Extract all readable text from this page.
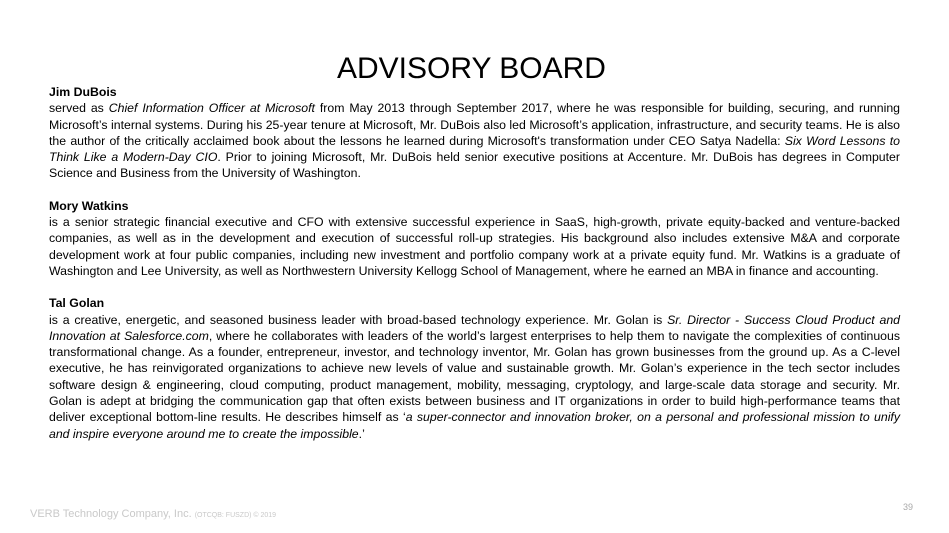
ADVISORY BOARD
Jim DuBois
served as Chief Information Officer at Microsoft from May 2013 through September 2017, where he was responsible for building, securing, and running Microsoft’s internal systems. During his 25-year tenure at Microsoft, Mr. DuBois also led Microsoft’s application, infrastructure, and security teams. He is also the author of the critically acclaimed book about the lessons he learned during Microsoft's transformation under CEO Satya Nadella: Six Word Lessons to Think Like a Modern-Day CIO. Prior to joining Microsoft, Mr. DuBois held senior executive positions at Accenture. Mr. DuBois has degrees in Computer Science and Business from the University of Washington.
Mory Watkins
is a senior strategic financial executive and CFO with extensive successful experience in SaaS, high-growth, private equity-backed and venture-backed companies, as well as in the development and execution of successful roll-up strategies. His background also includes extensive M&A and corporate development work at four public companies, including new investment and portfolio company work at a private equity fund. Mr. Watkins is a graduate of Washington and Lee University, as well as Northwestern University Kellogg School of Management, where he earned an MBA in finance and accounting.
Tal Golan
is a creative, energetic, and seasoned business leader with broad-based technology experience. Mr. Golan is Sr. Director - Success Cloud Product and Innovation at Salesforce.com, where he collaborates with leaders of the world’s largest enterprises to help them to navigate the complexities of continuous transformational change. As a founder, entrepreneur, investor, and technology inventor, Mr. Golan has grown businesses from the ground up. As a C-level executive, he has reinvigorated organizations to achieve new levels of value and sustainable growth. Mr. Golan’s experience in the tech sector includes software design & engineering, cloud computing, product management, mobility, messaging, cryptology, and large-scale data storage and security. Mr. Golan is adept at bridging the communication gap that often exists between business and IT organizations in order to build high-performance teams that deliver exceptional bottom-line results. He describes himself as ‘a super-connector and innovation broker, on a personal and professional mission to unify and inspire everyone around me to create the impossible.’
VERB Technology Company, Inc. (OTCQB: FUSZD) © 2019
39
